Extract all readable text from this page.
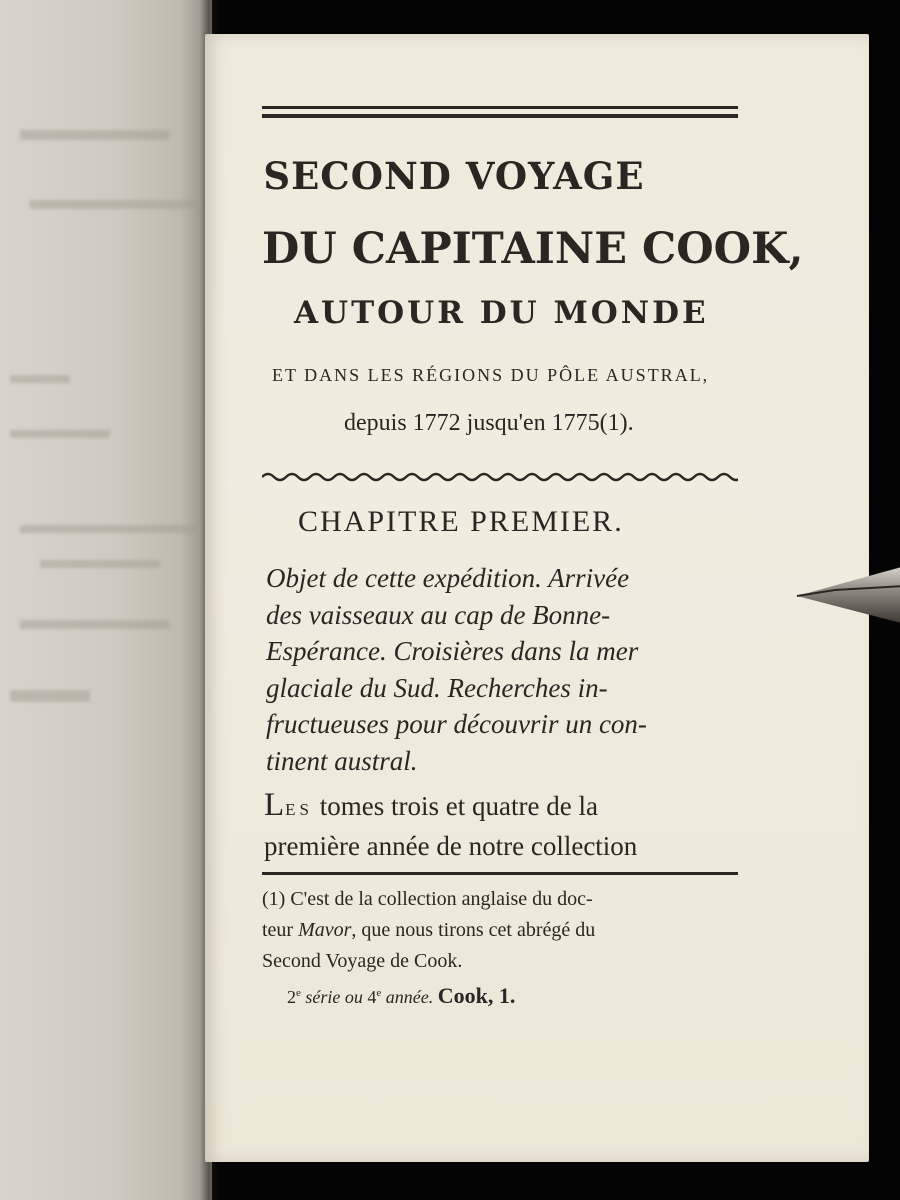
SECOND VOYAGE
DU CAPITAINE COOK,
AUTOUR DU MONDE
ET DANS LES RÉGIONS DU PÔLE AUSTRAL,
depuis 1772 jusqu'en 1775(1).
CHAPITRE PREMIER.
Objet de cette expédition. Arrivée
des vaisseaux au cap de Bonne-
Espérance. Croisières dans la mer
glaciale du Sud. Recherches in-
fructueuses pour découvrir un con-
tinent austral.
LES tomes trois et quatre de la
première année de notre collection
(1) C'est de la collection anglaise du doc-
teur Mavor, que nous tirons cet abrégé du
Second Voyage de Cook.
2e série ou 4e année. Cook, 1.
